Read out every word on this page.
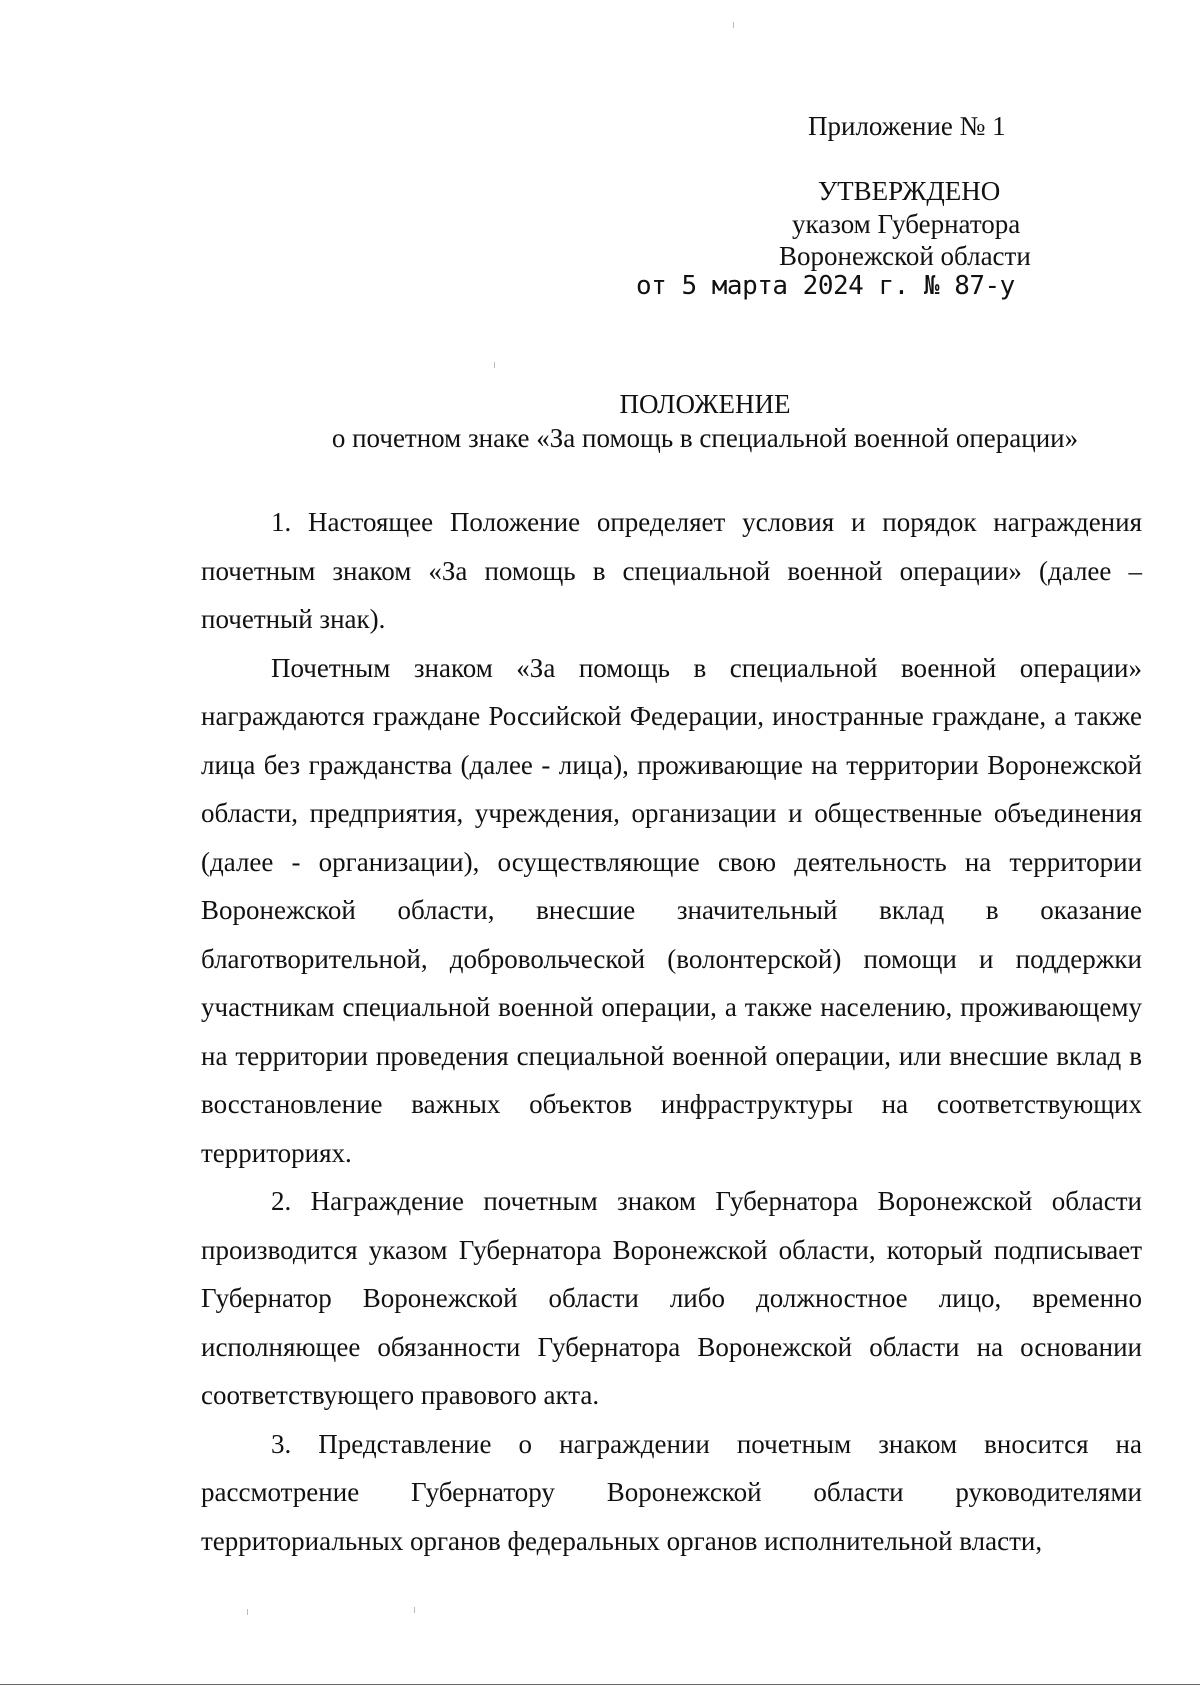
Приложение № 1
УТВЕРЖДЕНО
указом Губернатора
Воронежской области
от 5 марта 2024 г. № 87-у
ПОЛОЖЕНИЕ
о почетном знаке «За помощь в специальной военной операции»

1. Настоящее Положение определяет условия и порядок награждения почетным знаком «За помощь в специальной военной операции» (далее – почетный знак).

Почетным знаком «За помощь в специальной военной операции» награждаются граждане Российской Федерации, иностранные граждане, а также лица без гражданства (далее - лица), проживающие на территории Воронежской области, предприятия, учреждения, организации и общественные объединения (далее - организации), осуществляющие свою деятельность на территории Воронежской области, внесшие значительный вклад в оказание благотворительной, добровольческой (волонтерской) помощи и поддержки участникам специальной военной операции, а также населению, проживающему на территории проведения специальной военной операции, или внесшие вклад в восстановление важных объектов инфраструктуры на соответствующих территориях.

2. Награждение почетным знаком Губернатора Воронежской области производится указом Губернатора Воронежской области, который подписывает Губернатор Воронежской области либо должностное лицо, временно исполняющее обязанности Губернатора Воронежской области на основании соответствующего правового акта.

3. Представление о награждении почетным знаком вносится на рассмотрение Губернатору Воронежской области руководителями территориальных органов федеральных органов исполнительной власти,
